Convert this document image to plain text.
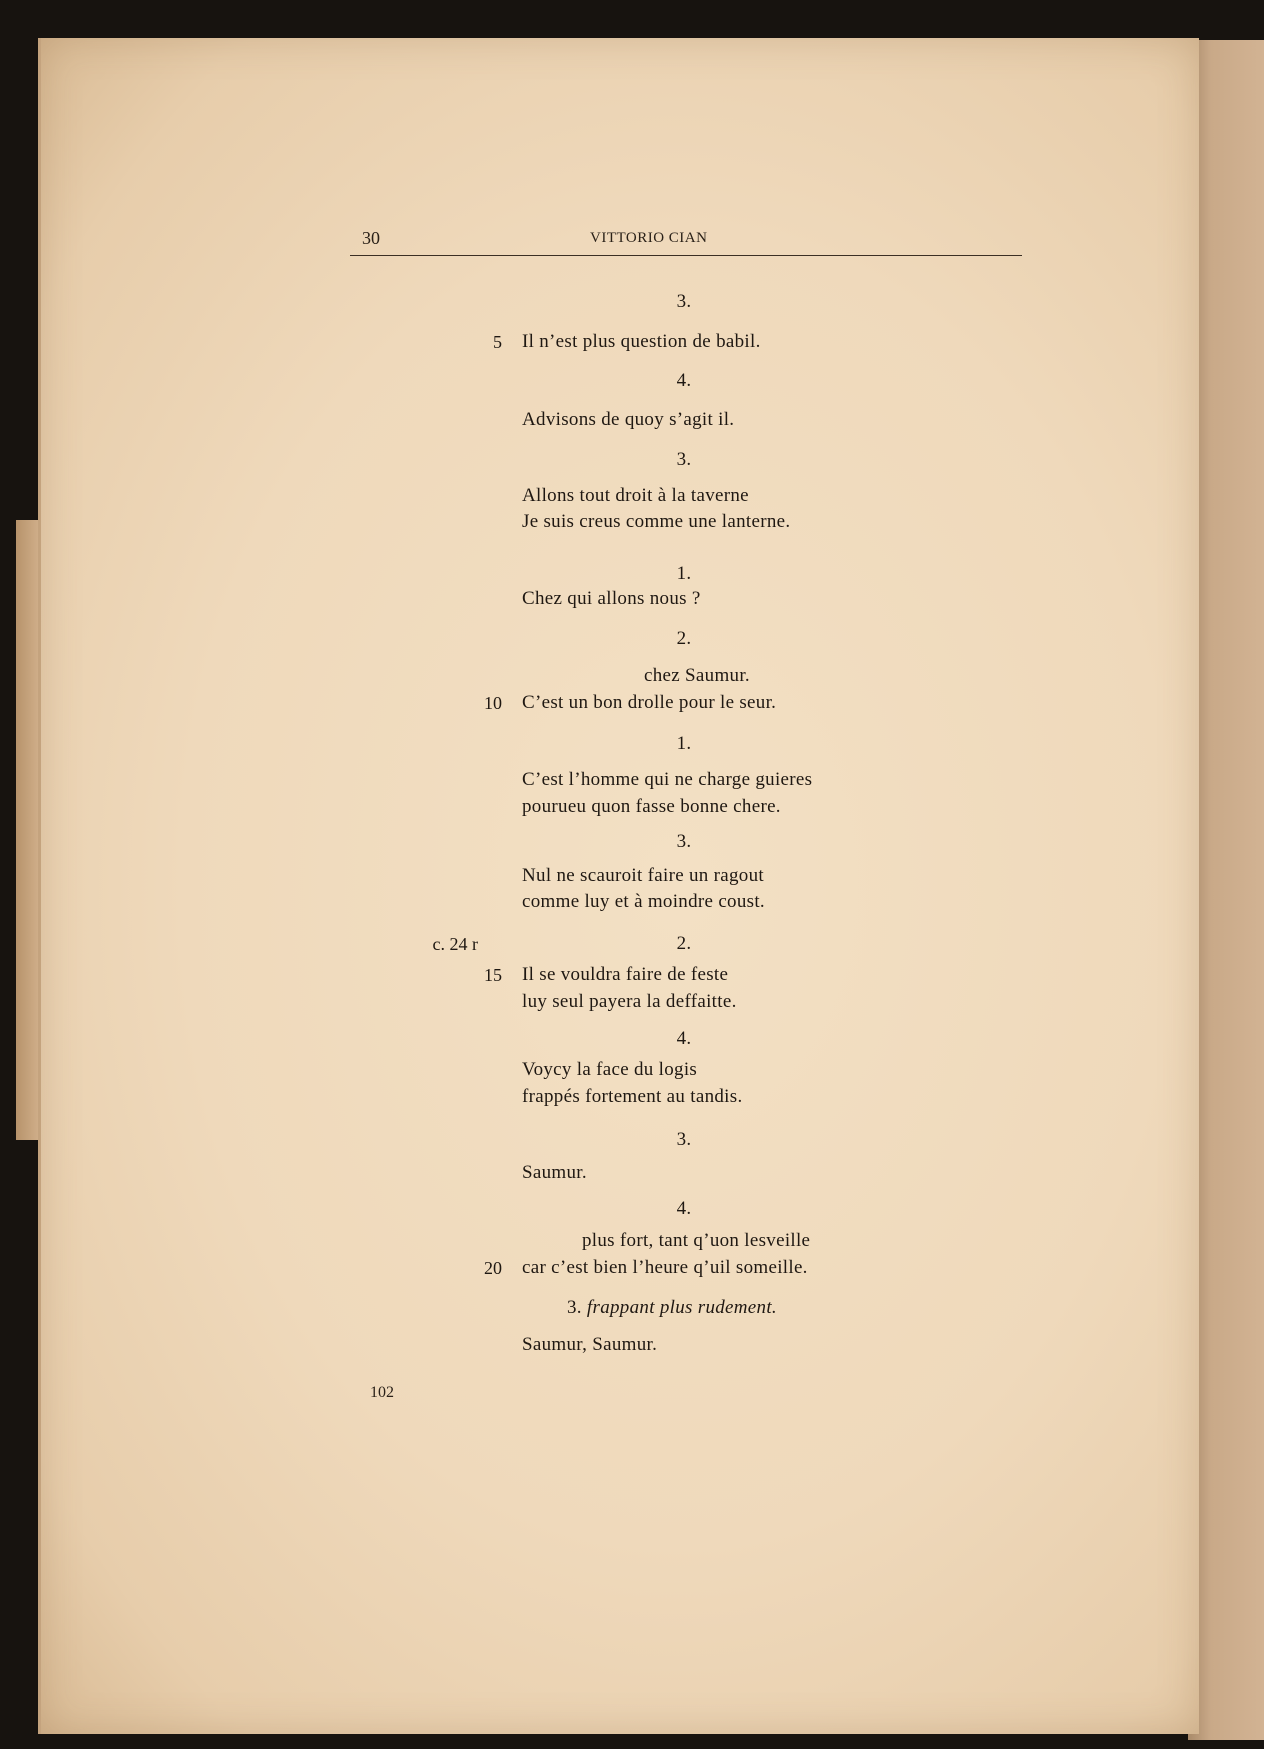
30	VITTORIO CIAN
3.
5 Il n’est plus question de babil.
4.
Advisons de quoy s’agit il.
3.
Allons tout droit à la taverne
Je suis creus comme une lanterne.
1.
Chez qui allons nous ?
2.
chez Saumur.
10 C’est un bon drolle pour le seur.
1.
C’est l’homme qui ne charge guieres
pourueu quon fasse bonne chere.
3.
Nul ne scauroit faire un ragout
comme luy et à moindre coust.
c. 24 r	2.
15 Il se vouldra faire de feste
luy seul payera la deffaitte.
4.
Voycy la face du logis
frappés fortement au tandis.
3.
Saumur.
4.
plus fort, tant q’uon lesveille
20 car c’est bien l’heure q’uil someille.
3. frappant plus rudement.
Saumur, Saumur.
102
